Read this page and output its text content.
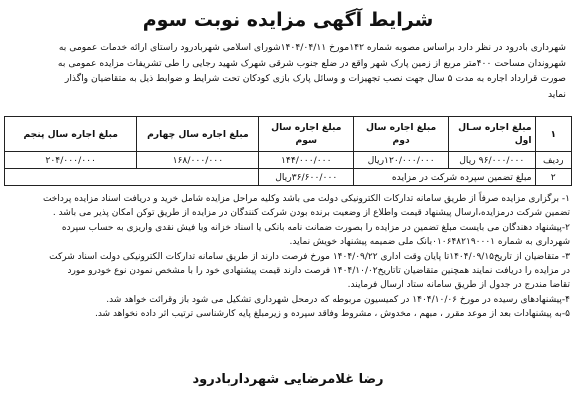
شرایط آگهی مزایده نوبت سوم

شهرداری بادرود در نظر دارد براساس مصوبه شماره ۱۴۲مورخ ۱۴۰۴/۰۴/۱۱شورای اسلامی شهربادرود راستای ارائه خدمات عمومی به

شهروندان مساحت ۴۰۰متر مربع از زمین پارک شهر واقع در ضلع جنوب شرقی شهرک شهید رجایی را طی تشریفات مزایده عمومی به

صورت قرارداد اجاره به مدت ۵ سال جهت نصب تجهیزات و وسائل پارک بازی کودکان تحت شرایط و ضوابط ذیل به متقاضیان واگذار

نماید

۱	مبلغ اجاره سـال اول	مبلغ اجاره سال دوم	مبلغ اجاره سال سوم	مبلغ اجاره سال چهارم	مبلغ اجاره سال پنجم
ردیف	۹۶/۰۰۰/۰۰۰ ریال	۱۲۰/۰۰۰/۰۰۰ریال	۱۴۴/۰۰۰/۰۰۰	۱۶۸/۰۰۰/۰۰۰	۲۰۴/۰۰۰/۰۰۰
۲	مبلغ تضمین سپرده شرکت در مزایده		۳۶/۶۰۰/۰۰۰ریال		

۱- برگزاری مزایده صرفاً از طریق سامانه تدارکات الکترونیکی دولت می باشد وکلیه مراحل مزایده شامل خرید و دریافت اسناد مزایده پرداخت

تضمین شرکت درمزایده،ارسال پیشنهاد قیمت واطلاع از وضعیت برنده بودن شرکت کنندگان در مزایده از طریق توکن امکان پذیر می باشد .

۲-پیشنهاد دهندگان می بایست مبلغ تضمین در مزایده را بصورت ضمانت نامه بانکی یا اسناد خزانه ویا فیش نقدی واریزی به حساب سپرده

شهرداری به شماره ۰۱۰۶۴۸۲۱۹۰۰۰۱بانک ملی ضمیمه پیشنهاد خویش نماید.

۳- متقاضیان از تاریخ۱۴۰۴/۰۹/۱۵تا پایان وقت اداری ۱۴۰۴/۰۹/۲۲ مورخ فرصت دارند از طریق سامانه تدارکات الکترونیکی دولت اسناد شرکت

در مزایده را دریافت نمایند همچنین متقاضیان تاتاریخ۱۴۰۴/۱۰/۰۲ فرصت دارند قیمت پیشنهادی خود را با مشخص نمودن نوع خودرو مورد

تقاضا مندرج در جدول از طریق سامانه ستاد ارسال فرمایند.

۴-پیشنهادهای رسیده در مورخ ۱۴۰۴/۱۰/۰۶ در کمیسیون مربوطه که درمحل شهرداری تشکیل می شود باز وقرائت خواهد شد.

۵-به پیشنهادات بعد از موعد مقرر ، مبهم ، مخدوش ، مشروط وفاقد سپرده و زیرمبلغ پایه کارشناسی ترتیب اثر داده نخواهد شد.

رضا غلامرضایی شهرداربادرود
